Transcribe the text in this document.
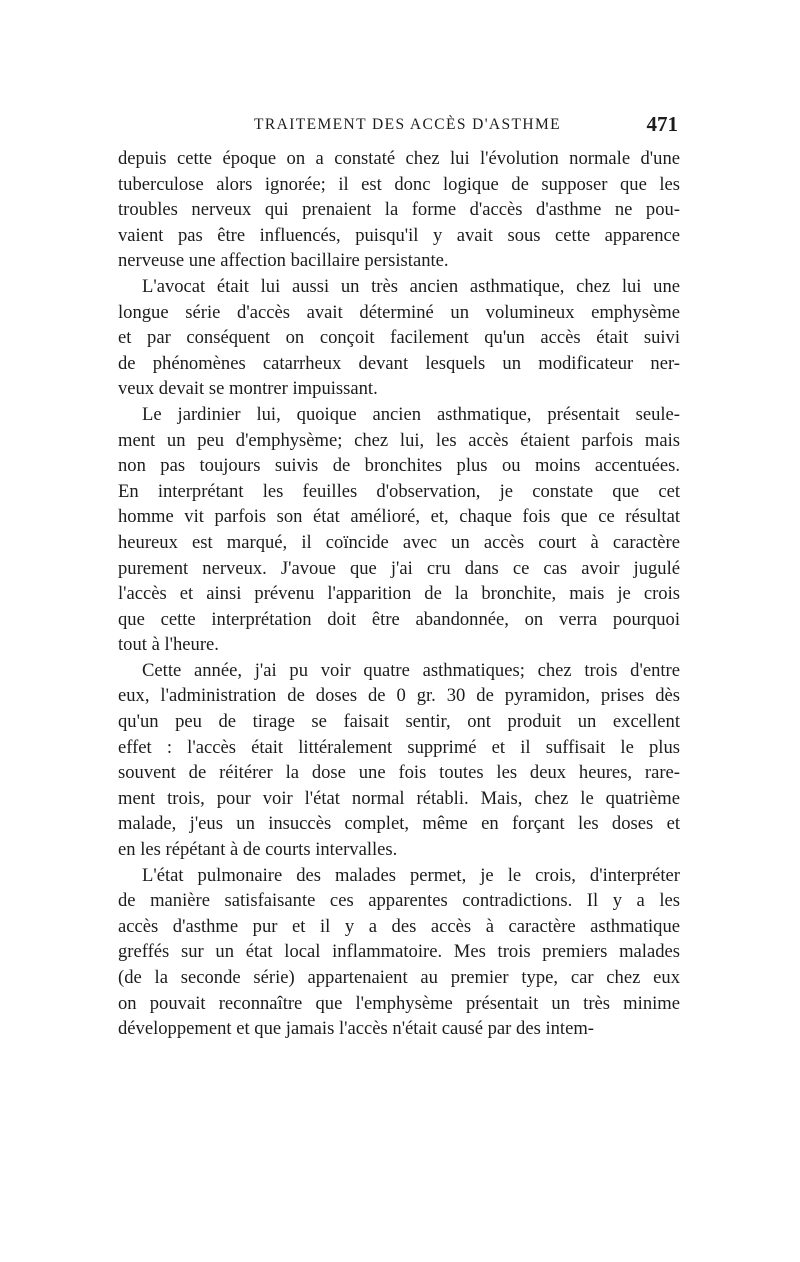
TRAITEMENT DES ACCÈS D'ASTHME	471

depuis cette époque on a constaté chez lui l'évolution normale d'une
tuberculose alors ignorée; il est donc logique de supposer que les
troubles nerveux qui prenaient la forme d'accès d'asthme ne pou-
vaient pas être influencés, puisqu'il y avait sous cette apparence
nerveuse une affection bacillaire persistante.

L'avocat était lui aussi un très ancien asthmatique, chez lui une
longue série d'accès avait déterminé un volumineux emphysème
et par conséquent on conçoit facilement qu'un accès était suivi
de phénomènes catarrheux devant lesquels un modificateur ner-
veux devait se montrer impuissant.

Le jardinier lui, quoique ancien asthmatique, présentait seule-
ment un peu d'emphysème; chez lui, les accès étaient parfois mais
non pas toujours suivis de bronchites plus ou moins accentuées.
En interprétant les feuilles d'observation, je constate que cet
homme vit parfois son état amélioré, et, chaque fois que ce résultat
heureux est marqué, il coïncide avec un accès court à caractère
purement nerveux. J'avoue que j'ai cru dans ce cas avoir jugulé
l'accès et ainsi prévenu l'apparition de la bronchite, mais je crois
que cette interprétation doit être abandonnée, on verra pourquoi
tout à l'heure.

Cette année, j'ai pu voir quatre asthmatiques; chez trois d'entre
eux, l'administration de doses de 0 gr. 30 de pyramidon, prises dès
qu'un peu de tirage se faisait sentir, ont produit un excellent
effet : l'accès était littéralement supprimé et il suffisait le plus
souvent de réitérer la dose une fois toutes les deux heures, rare-
ment trois, pour voir l'état normal rétabli. Mais, chez le quatrième
malade, j'eus un insuccès complet, même en forçant les doses et
en les répétant à de courts intervalles.

L'état pulmonaire des malades permet, je le crois, d'interpréter
de manière satisfaisante ces apparentes contradictions. Il y a les
accès d'asthme pur et il y a des accès à caractère asthmatique
greffés sur un état local inflammatoire. Mes trois premiers malades
(de la seconde série) appartenaient au premier type, car chez eux
on pouvait reconnaître que l'emphysème présentait un très minime
développement et que jamais l'accès n'était causé par des intem-
